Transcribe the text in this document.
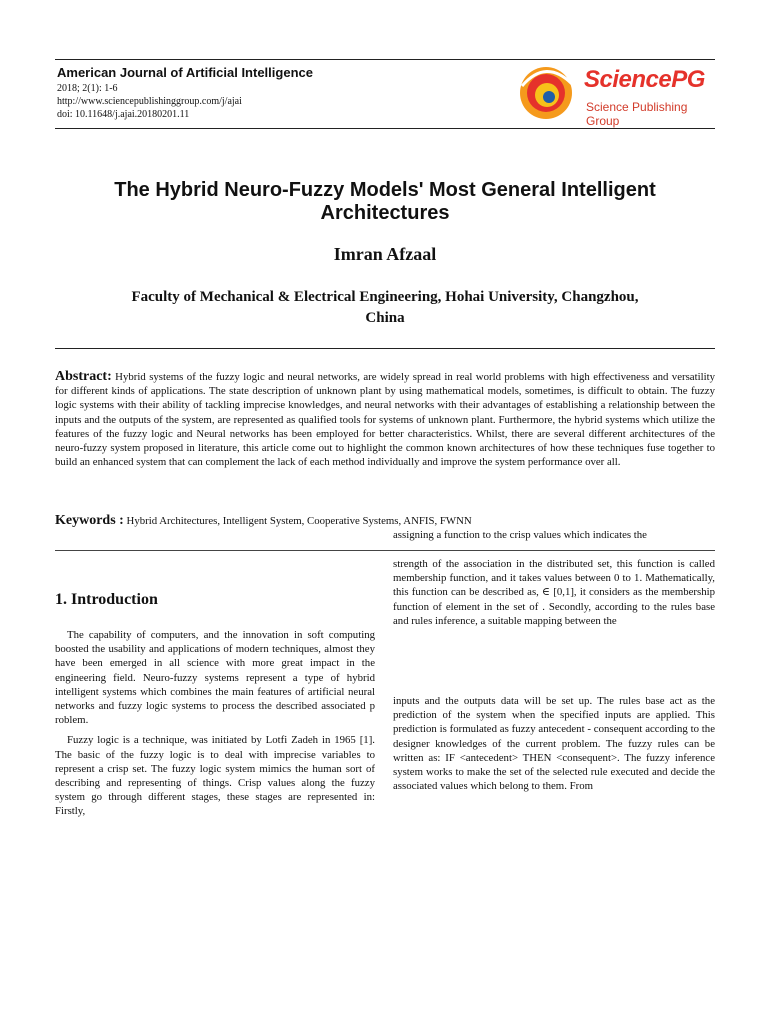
American Journal of Artificial Intelligence
2018; 2(1): 1-6
http://www.sciencepublishinggroup.com/j/ajai
doi: 10.11648/j.ajai.20180201.11
SciencePG
Science Publishing Group
The Hybrid Neuro-Fuzzy Models' Most General Intelligent
Architectures
Imran Afzaal
Faculty of Mechanical & Electrical Engineering, Hohai University, Changzhou,
China
Abstract: Hybrid systems of the fuzzy logic and neural networks, are widely spread in real world problems with high effectiveness and versatility for different kinds of applications. The state description of unknown plant by using mathematical models, sometimes, is difficult to obtain. The fuzzy logic systems with their ability of tackling imprecise knowledges, and neural networks with their advantages of establishing a relationship between the inputs and the outputs of the system, are represented as qualified tools for systems of unknown plant. Furthermore, the hybrid systems which utilize the features of the fuzzy logic and Neural networks has been employed for better characteristics. Whilst, there are several different architectures of the neuro-fuzzy system proposed in literature, this article come out to highlight the common known architectures of how these techniques fuse together to build an enhanced system that can complement the lack of each method individually and improve the system performance over all.
Keywords : Hybrid Architectures, Intelligent System, Cooperative Systems, ANFIS, FWNN
assigning a function to the crisp values which indicates the
1. Introduction

The capability of computers, and the innovation in soft computing boosted the usability and applications of modern techniques, almost they have been emerged in all science with more great impact in the engineering field. Neuro-fuzzy systems represent a type of hybrid intelligent systems which combines the main features of artificial neural networks and fuzzy logic systems to process the described associated p roblem.

Fuzzy logic is a technique, was initiated by Lotfi Zadeh in 1965 [1]. The basic of the fuzzy logic is to deal with imprecise variables to represent a crisp set. The fuzzy logic system mimics the human sort of describing and representing of things. Crisp values along the fuzzy system go through different stages, these stages are represented in: Firstly,

strength of the association in the distributed set, this function is called membership function, and it takes values between 0 to 1. Mathematically, this function can be described as, ∈ [0,1], it considers as the membership function of element in the set of . Secondly, according to the rules base and rules inference, a suitable mapping between the
inputs and the outputs data will be set up. The rules base act as the prediction of the system when the specified inputs are applied. This prediction is formulated as fuzzy antecedent - consequent according to the designer knowledges of the current problem. The fuzzy rules can be written as: IF <antecedent> THEN <consequent>. The fuzzy inference system works to make the set of the selected rule executed and decide the associated values which belong to them. From
